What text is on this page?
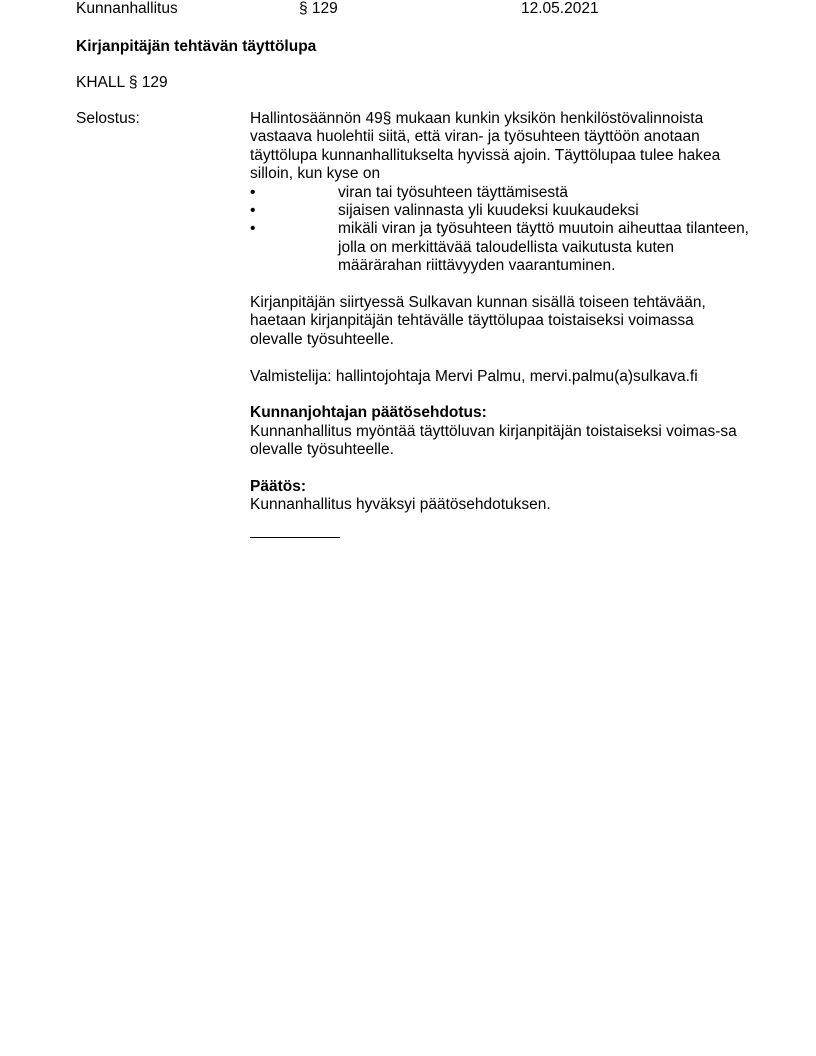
Kunnanhallitus	§ 129	12.05.2021
Kirjanpitäjän tehtävän täyttölupa
KHALL § 129
Selostus:	Hallintosäännön 49§ mukaan kunkin yksikön henkilöstövalinnoista vastaava huolehtii siitä, että viran- ja työsuhteen täyttöön anotaan täyttölupa kunnanhallitukselta hyvissä ajoin. Täyttölupaa tulee hakea silloin, kun kyse on

•	viran tai työsuhteen täyttämisestä
•	sijaisen valinnasta yli kuudeksi kuukaudeksi
•	mikäli viran ja työsuhteen täyttö muutoin aiheuttaa tilanteen, jolla on merkittävää taloudellista vaikutusta kuten määrärahan riittävyyden vaarantuminen.

Kirjanpitäjän siirtyessä Sulkavan kunnan sisällä toiseen tehtävään, haetaan kirjanpitäjän tehtävälle täyttölupaa toistaiseksi voimassa olevalle työsuhteelle.

Valmistelija: hallintojohtaja Mervi Palmu, mervi.palmu(a)sulkava.fi

Kunnanjohtajan päätösehdotus:

Kunnanhallitus myöntää täyttöluvan kirjanpitäjän toistaiseksi voimas-sa olevalle työsuhteelle.

Päätös:

Kunnanhallitus hyväksyi päätösehdotuksen.
